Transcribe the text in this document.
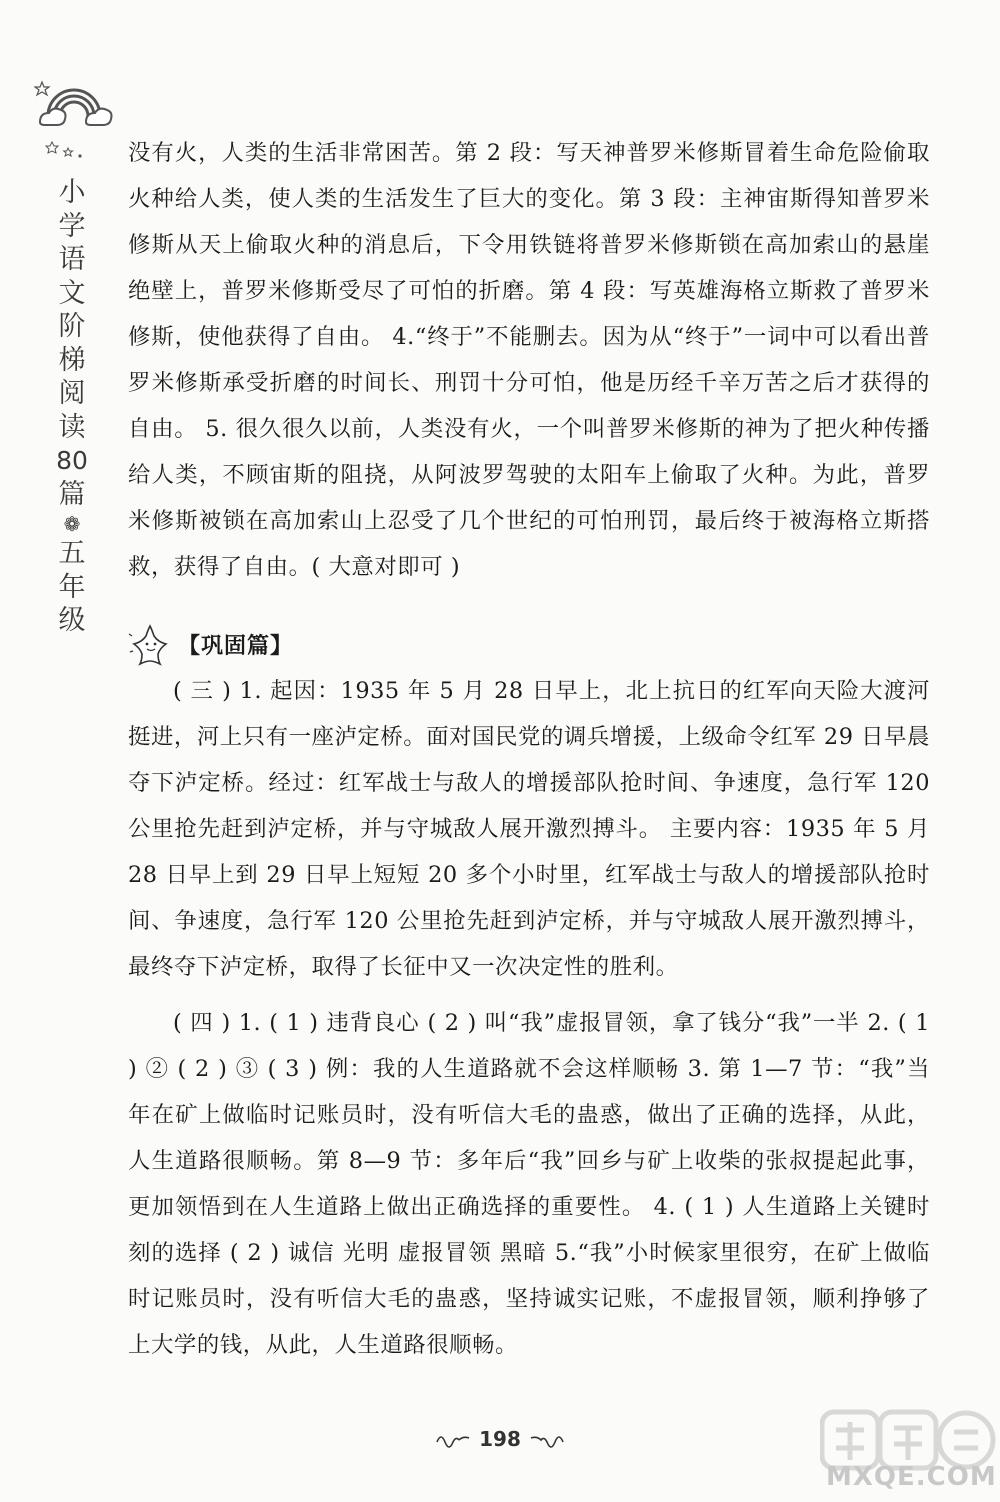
小学语文阶梯阅读80篇
❁
五年级

没有火，人类的生活非常困苦。第 2 段：写天神普罗米修斯冒着生命危险偷取火种给人类，使人类的生活发生了巨大的变化。第 3 段：主神宙斯得知普罗米修斯从天上偷取火种的消息后，下令用铁链将普罗米修斯锁在高加索山的悬崖绝壁上，普罗米修斯受尽了可怕的折磨。第 4 段：写英雄海格立斯救了普罗米修斯，使他获得了自由。 4.“终于”不能删去。因为从“终于”一词中可以看出普罗米修斯承受折磨的时间长、刑罚十分可怕，他是历经千辛万苦之后才获得的自由。 5. 很久很久以前，人类没有火，一个叫普罗米修斯的神为了把火种传播给人类，不顾宙斯的阻挠，从阿波罗驾驶的太阳车上偷取了火种。为此，普罗米修斯被锁在高加索山上忍受了几个世纪的可怕刑罚，最后终于被海格立斯搭救，获得了自由。( 大意对即可 )

【巩固篇】

( 三 ) 1. 起因：1935 年 5 月 28 日早上，北上抗日的红军向天险大渡河挺进，河上只有一座泸定桥。面对国民党的调兵增援，上级命令红军 29 日早晨夺下泸定桥。经过：红军战士与敌人的增援部队抢时间、争速度，急行军 120 公里抢先赶到泸定桥，并与守城敌人展开激烈搏斗。 主要内容：1935 年 5 月 28 日早上到 29 日早上短短 20 多个小时里，红军战士与敌人的增援部队抢时间、争速度，急行军 120 公里抢先赶到泸定桥，并与守城敌人展开激烈搏斗，最终夺下泸定桥，取得了长征中又一次决定性的胜利。

( 四 ) 1. ( 1 ) 违背良心 ( 2 ) 叫“我”虚报冒领，拿了钱分“我”一半 2. ( 1 ) ② ( 2 ) ③ ( 3 ) 例：我的人生道路就不会这样顺畅 3. 第 1—7 节：“我”当年在矿上做临时记账员时，没有听信大毛的蛊惑，做出了正确的选择，从此，人生道路很顺畅。第 8—9 节：多年后“我”回乡与矿上收柴的张叔提起此事，更加领悟到在人生道路上做出正确选择的重要性。 4. ( 1 ) 人生道路上关键时刻的选择 ( 2 ) 诚信 光明 虚报冒领 黑暗 5.“我”小时候家里很穷，在矿上做临时记账员时，没有听信大毛的蛊惑，坚持诚实记账，不虚报冒领，顺利挣够了上大学的钱，从此，人生道路很顺畅。

198
MXQE.COM
